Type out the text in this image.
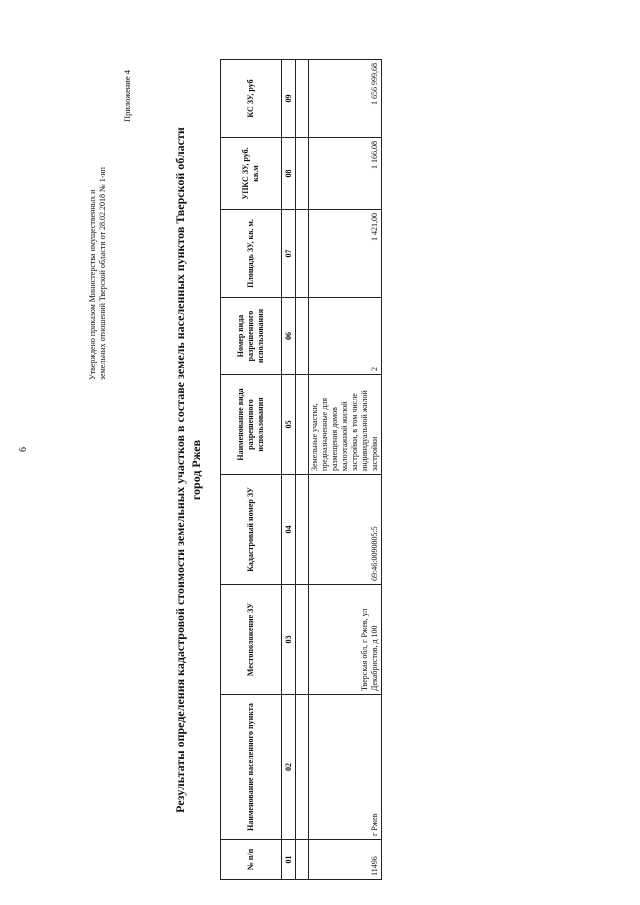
6
Утверждено приказом Министерства имущественных и земельных отношений Тверской области от 28.02.2018 № 1-нп
Приложение 4
Результаты определения кадастровой стоимости земельных участков в составе земель населенных пунктов Тверской области город Ржев
№ п/п	Наименование населенного пункта	Местоположение ЗУ	Кадастровый номер ЗУ	Наименование вида разрешенного использования	Номер вида разрешенного использования	Площадь ЗУ, кв. м.	УПКС ЗУ, руб. кв.м	КС ЗУ, руб
01	02	03	04	05	06	07	08	09

11496	г Ржев	Тверская обл, г Ржев, ул Декабристов, д 100	69:46:0090805:5	Земельные участки, предназначенные для размещения домов малоэтажной жилой застройки, в том числе индивидуальной жилой застройки	2	1 421,00	1 166,08	1 656 999,68
